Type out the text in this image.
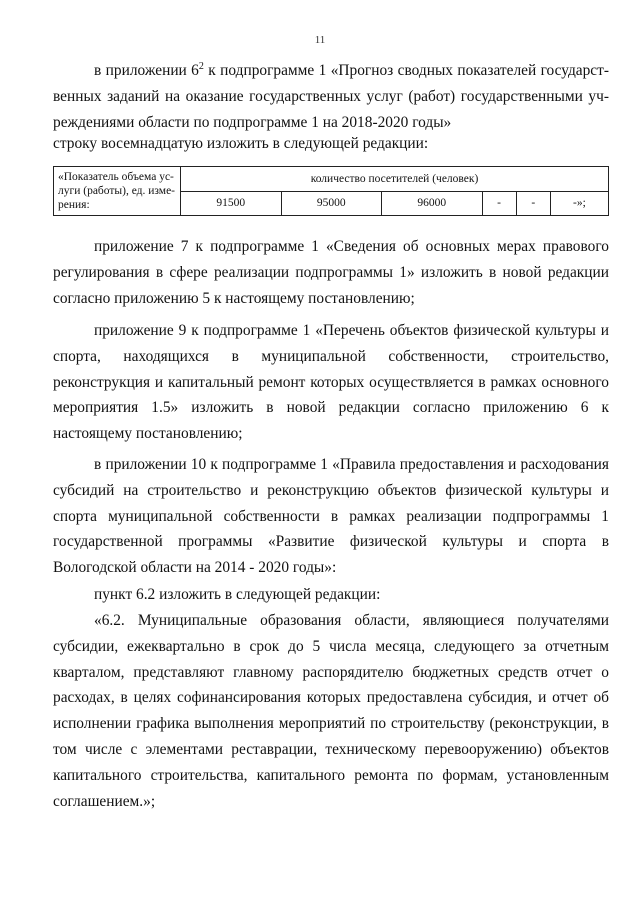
11
в приложении $6^2$ к подпрограмме 1 «Прогноз сводных показателей государст-
венных заданий на оказание государственных услуг (работ) государственными уч-
реждениями области по подпрограмме 1 на 2018-2020 годы»
строку восемнадцатую изложить в следующей редакции:
«Показатель объема ус-
луги (работы), ед. изме-
рения:	количество посетителей (человек)					
	91500	95000	96000	-	-	-»;
приложение 7 к подпрограмме 1 «Сведения об основных мерах правового
регулирования в сфере реализации подпрограммы 1» изложить в новой редакции
согласно приложению 5 к настоящему постановлению;
приложение 9 к подпрограмме 1 «Перечень объектов физической культуры и
спорта, находящихся в муниципальной собственности, строительство,
реконструкция и капитальный ремонт которых осуществляется в рамках основного
мероприятия 1.5» изложить в новой редакции согласно приложению 6 к
настоящему постановлению;
в приложении 10 к подпрограмме 1 «Правила предоставления и расходования
субсидий на строительство и реконструкцию объектов физической культуры и
спорта муниципальной собственности в рамках реализации подпрограммы 1
государственной программы «Развитие физической культуры и спорта в
Вологодской области на 2014 - 2020 годы»:
пункт 6.2 изложить в следующей редакции:
«6.2. Муниципальные образования области, являющиеся получателями
субсидии, ежеквартально в срок до 5 числа месяца, следующего за отчетным
кварталом, представляют главному распорядителю бюджетных средств отчет о
расходах, в целях софинансирования которых предоставлена субсидия, и отчет об
исполнении графика выполнения мероприятий по строительству (реконструкции, в
том числе с элементами реставрации, техническому перевооружению) объектов
капитального строительства, капитального ремонта по формам, установленным
соглашением.»;
